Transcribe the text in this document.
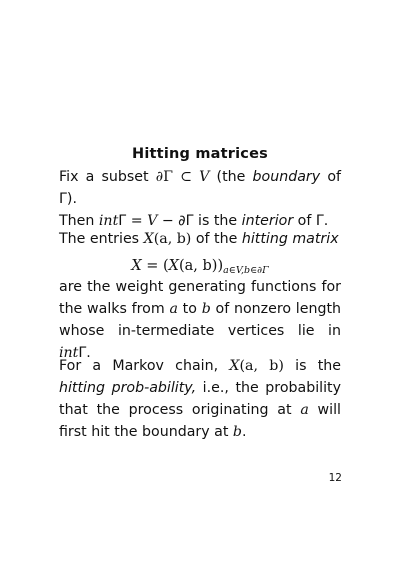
Hitting matrices
Fix a subset ∂Γ ⊂ V (the boundary of Γ).
Then intΓ = V − ∂Γ is the interior of Γ.
The entries X(a, b) of the hitting matrix
X = (X(a, $b))_{a\in V,b\in\partial\Gamma}$
are the weight generating functions for the walks from a to b of nonzero length whose in-termediate vertices lie in intΓ.
For a Markov chain, X(a, b) is the hitting prob-ability, i.e., the probability that the process originating at a will first hit the boundary at b.
12
